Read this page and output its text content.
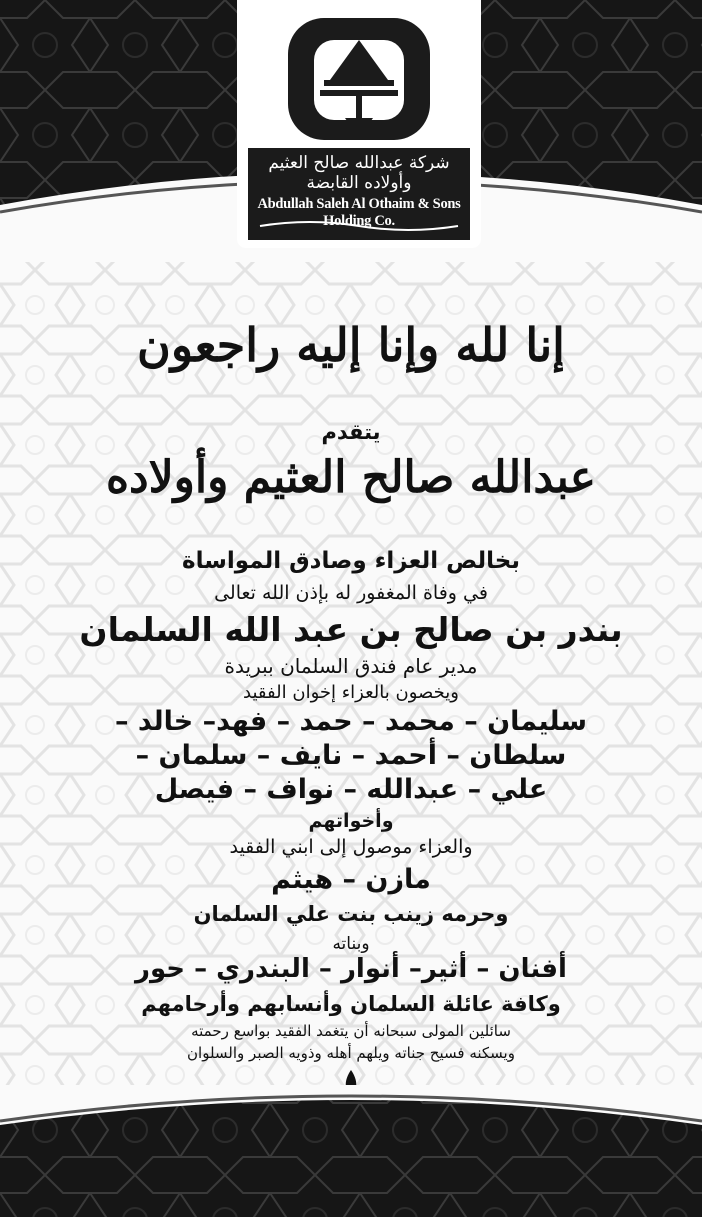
شركة عبدالله صالح العثيم وأولاده القابضة
Abdullah Saleh Al Othaim & Sons Holding Co.
إنا لله وإنا إليه راجعون
يتقدم
عبدالله صالح العثيم وأولاده
بخالص العزاء وصادق المواساة
في وفاة المغفور له بإذن الله تعالى
بندر بن صالح بن عبد الله السلمان
مدير عام فندق السلمان ببريدة
ويخصون بالعزاء إخوان الفقيد
سليمان – محمد – حمد – فهد– خالد –
سلطان – أحمد – نايف – سلمان –
علي – عبدالله – نواف – فيصل
وأخواتهم
والعزاء موصول إلى ابني الفقيد
مازن – هيثم
وحرمه زينب بنت علي السلمان
وبناته
أفنان – أثير– أنوار – البندري – حور
وكافة عائلة السلمان وأنسابهم وأرحامهم
سائلين المولى سبحانه أن يتغمد الفقيد بواسع رحمته
ويسكنه فسيح جناته ويلهم أهله وذويه الصبر والسلوان
